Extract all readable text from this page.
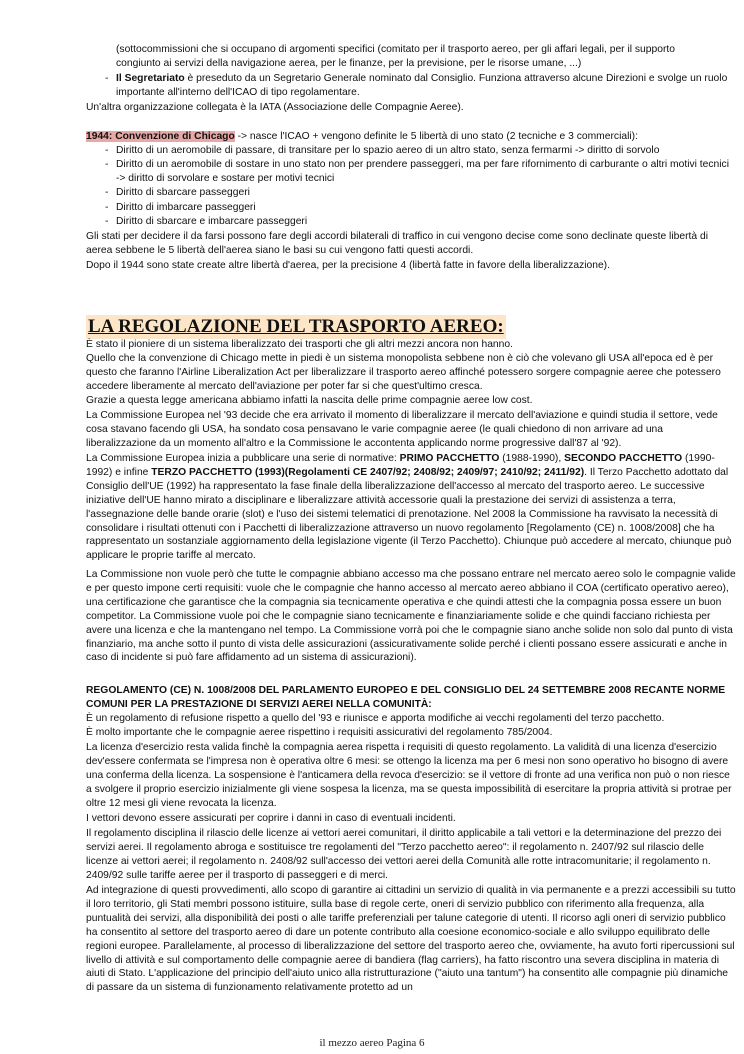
(sottocommissioni che si occupano di argomenti specifici (comitato per il trasporto aereo, per gli affari legali, per il supporto congiunto ai servizi della navigazione aerea, per le finanze, per la previsione, per le risorse umane, ...)

- Il Segretariato è preseduto da un Segretario Generale nominato dal Consiglio. Funziona attraverso alcune Direzioni e svolge un ruolo importante all'interno dell'ICAO di tipo regolamentare.

Un'altra organizzazione collegata è la IATA (Associazione delle Compagnie Aeree).

1944: Convenzione di Chicago -> nasce l'ICAO + vengono definite le 5 libertà di uno stato (2 tecniche e 3 commerciali):

- Diritto di un aeromobile di passare, di transitare per lo spazio aereo di un altro stato, senza fermarmi -> diritto di sorvolo
- Diritto di un aeromobile di sostare in uno stato non per prendere passeggeri, ma per fare rifornimento di carburante o altri motivi tecnici -> diritto di sorvolare e sostare per motivi tecnici
- Diritto di sbarcare passeggeri
- Diritto di imbarcare passeggeri
- Diritto di sbarcare e imbarcare passeggeri

Gli stati per decidere il da farsi possono fare degli accordi bilaterali di traffico in cui vengono decise come sono declinate queste libertà di aerea sebbene le 5 libertà dell'aerea siano le basi su cui vengono fatti questi accordi.

Dopo il 1944 sono state create altre libertà d'aerea, per la precisione 4 (libertà fatte in favore della liberalizzazione).

LA REGOLAZIONE DEL TRASPORTO AEREO:

È stato il pioniere di un sistema liberalizzato dei trasporti che gli altri mezzi ancora non hanno.

Quello che la convenzione di Chicago mette in piedi è un sistema monopolista sebbene non è ciò che volevano gli USA all'epoca ed è per questo che faranno l'Airline Liberalization Act per liberalizzare il trasporto aereo affinché potessero sorgere compagnie aeree che potessero accedere liberamente al mercato dell'aviazione per poter far si che quest'ultimo cresca.

Grazie a questa legge americana abbiamo infatti la nascita delle prime compagnie aeree low cost.

La Commissione Europea nel '93 decide che era arrivato il momento di liberalizzare il mercato dell'aviazione e quindi studia il settore, vede cosa stavano facendo gli USA, ha sondato cosa pensavano le varie compagnie aeree (le quali chiedono di non arrivare ad una liberalizzazione da un momento all'altro e la Commissione le accontenta applicando norme progressive dall'87 al '92).

La Commissione Europea inizia a pubblicare una serie di normative: PRIMO PACCHETTO (1988-1990), SECONDO PACCHETTO (1990-1992) e infine TERZO PACCHETTO (1993)(Regolamenti CE 2407/92; 2408/92; 2409/97; 2410/92; 2411/92). Il Terzo Pacchetto adottato dal Consiglio dell'UE (1992) ha rappresentato la fase finale della liberalizzazione dell'accesso al mercato del trasporto aereo. Le successive iniziative dell'UE hanno mirato a disciplinare e liberalizzare attività accessorie quali la prestazione dei servizi di assistenza a terra, l'assegnazione delle bande orarie (slot) e l'uso dei sistemi telematici di prenotazione. Nel 2008 la Commissione ha ravvisato la necessità di consolidare i risultati ottenuti con i Pacchetti di liberalizzazione attraverso un nuovo regolamento [Regolamento (CE) n. 1008/2008] che ha rappresentato un sostanziale aggiornamento della legislazione vigente (il Terzo Pacchetto). Chiunque può accedere al mercato, chiunque può applicare le proprie tariffe al mercato.

La Commissione non vuole però che tutte le compagnie abbiano accesso ma che possano entrare nel mercato aereo solo le compagnie valide e per questo impone certi requisiti: vuole che le compagnie che hanno accesso al mercato aereo abbiano il COA (certificato operativo aereo), una certificazione che garantisce che la compagnia sia tecnicamente operativa e che quindi attesti che la compagnia possa essere un buon competitor. La Commissione vuole poi che le compagnie siano tecnicamente e finanziariamente solide e che quindi facciano richiesta per avere una licenza e che la mantengano nel tempo. La Commissione vorrà poi che le compagnie siano anche solide non solo dal punto di vista finanziario, ma anche sotto il punto di vista delle assicurazioni (assicurativamente solide perché i clienti possano essere assicurati e anche in caso di incidente si può fare affidamento ad un sistema di assicurazioni).

REGOLAMENTO (CE) N. 1008/2008 DEL PARLAMENTO EUROPEO E DEL CONSIGLIO DEL 24 SETTEMBRE 2008 RECANTE NORME COMUNI PER LA PRESTAZIONE DI SERVIZI AEREI NELLA COMUNITÀ:

È un regolamento di refusione rispetto a quello del '93 e riunisce e apporta modifiche ai vecchi regolamenti del terzo pacchetto.

È molto importante che le compagnie aeree rispettino i requisiti assicurativi del regolamento 785/2004.

La licenza d'esercizio resta valida finchè la compagnia aerea rispetta i requisiti di questo regolamento. La validità di una licenza d'esercizio dev'essere confermata se l'impresa non è operativa oltre 6 mesi: se ottengo la licenza ma per 6 mesi non sono operativo ho bisogno di avere una conferma della licenza. La sospensione è l'anticamera della revoca d'esercizio: se il vettore di fronte ad una verifica non può o non riesce a svolgere il proprio esercizio inizialmente gli viene sospesa la licenza, ma se questa impossibilità di esercitare la propria attività si protrae per oltre 12 mesi gli viene revocata la licenza.

I vettori devono essere assicurati per coprire i danni in caso di eventuali incidenti.

Il regolamento disciplina il rilascio delle licenze ai vettori aerei comunitari, il diritto applicabile a tali vettori e la determinazione del prezzo dei servizi aerei. Il regolamento abroga e sostituisce tre regolamenti del "Terzo pacchetto aereo": il regolamento n. 2407/92 sul rilascio delle licenze ai vettori aerei; il regolamento n. 2408/92 sull'accesso dei vettori aerei della Comunità alle rotte intracomunitarie; il regolamento n. 2409/92 sulle tariffe aeree per il trasporto di passeggeri e di merci.

Ad integrazione di questi provvedimenti, allo scopo di garantire ai cittadini un servizio di qualità in via permanente e a prezzi accessibili su tutto il loro territorio, gli Stati membri possono istituire, sulla base di regole certe, oneri di servizio pubblico con riferimento alla frequenza, alla puntualità dei servizi, alla disponibilità dei posti o alle tariffe preferenziali per talune categorie di utenti. Il ricorso agli oneri di servizio pubblico ha consentito al settore del trasporto aereo di dare un potente contributo alla coesione economico-sociale e allo sviluppo equilibrato delle regioni europee. Parallelamente, al processo di liberalizzazione del settore del trasporto aereo che, ovviamente, ha avuto forti ripercussioni sul livello di attività e sul comportamento delle compagnie aeree di bandiera (flag carriers), ha fatto riscontro una severa disciplina in materia di aiuti di Stato. L'applicazione del principio dell'aiuto unico alla ristrutturazione ("aiuto una tantum") ha consentito alle compagnie più dinamiche di passare da un sistema di funzionamento relativamente protetto ad un

il mezzo aereo Pagina 6
